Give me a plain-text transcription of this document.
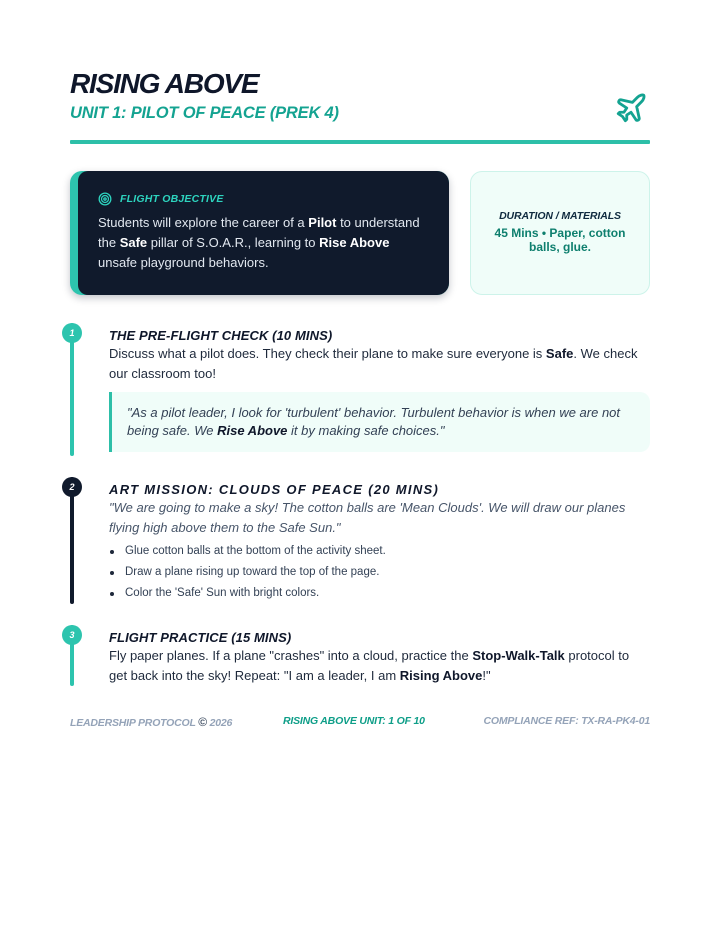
RISING ABOVE
UNIT 1: PILOT OF PEACE (PREK 4)
FLIGHT OBJECTIVE
Students will explore the career of a Pilot to understand the Safe pillar of S.O.A.R., learning to Rise Above unsafe playground behaviors.
DURATION / MATERIALS
45 Mins • Paper, cotton balls, glue.
1	THE PRE-FLIGHT CHECK (10 MINS)
Discuss what a pilot does. They check their plane to make sure everyone is Safe. We check our classroom too!
"As a pilot leader, I look for 'turbulent' behavior. Turbulent behavior is when we are not being safe. We Rise Above it by making safe choices."
2	ART MISSION: CLOUDS OF PEACE (20 MINS)
"We are going to make a sky! The cotton balls are 'Mean Clouds'. We will draw our planes flying high above them to the Safe Sun."
Glue cotton balls at the bottom of the activity sheet.
Draw a plane rising up toward the top of the page.
Color the 'Safe' Sun with bright colors.
3	FLIGHT PRACTICE (15 MINS)
Fly paper planes. If a plane "crashes" into a cloud, practice the Stop-Walk-Talk protocol to get back into the sky! Repeat: "I am a leader, I am Rising Above!"
LEADERSHIP PROTOCOL © 2026	RISING ABOVE UNIT: 1 OF 10	COMPLIANCE REF: TX-RA-PK4-01
